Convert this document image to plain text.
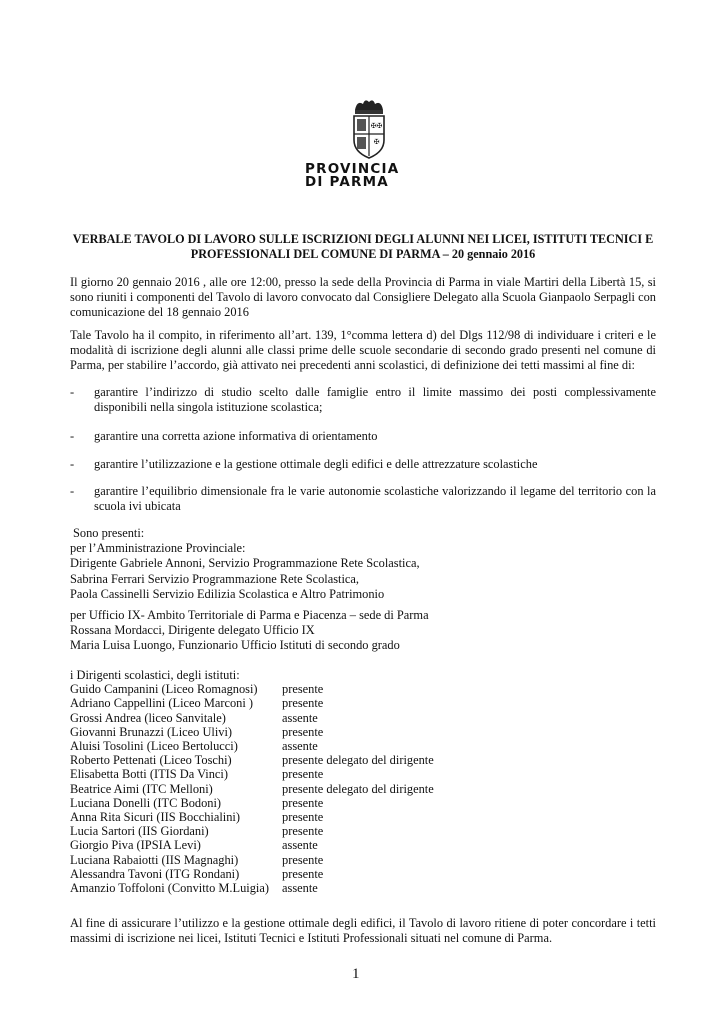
✠✠
✠
PROVINCIA
DI PARMA
VERBALE TAVOLO DI LAVORO SULLE ISCRIZIONI DEGLI ALUNNI NEI LICEI, ISTITUTI TECNICI E PROFESSIONALI DEL COMUNE DI PARMA – 20 gennaio 2016
Il giorno 20 gennaio 2016 , alle ore 12:00, presso la sede della Provincia di Parma in viale Martiri della Libertà 15, si sono riuniti i componenti del Tavolo di lavoro convocato dal Consigliere Delegato alla Scuola Gianpaolo Serpagli con comunicazione del 18 gennaio 2016
Tale Tavolo ha il compito, in riferimento all’art. 139, 1°comma lettera d) del Dlgs 112/98 di individuare i criteri e le modalità di iscrizione degli alunni alle classi prime delle scuole secondarie di secondo grado presenti nel comune di Parma, per stabilire l’accordo, già attivato nei precedenti anni scolastici, di definizione dei tetti massimi al fine di:
- garantire l’indirizzo di studio scelto dalle famiglie entro il limite massimo dei posti complessivamente disponibili nella singola istituzione scolastica;
- garantire una corretta azione informativa di orientamento
- garantire l’utilizzazione e la gestione ottimale degli edifici e delle attrezzature scolastiche
- garantire l’equilibrio dimensionale fra le varie autonomie scolastiche valorizzando il legame del territorio con la scuola ivi ubicata
Sono presenti:
per l’Amministrazione Provinciale:
Dirigente Gabriele Annoni, Servizio Programmazione Rete Scolastica,
Sabrina Ferrari Servizio Programmazione Rete Scolastica,
Paola Cassinelli Servizio Edilizia Scolastica e Altro Patrimonio
per Ufficio IX- Ambito Territoriale di Parma e Piacenza – sede di Parma
Rossana Mordacci, Dirigente delegato Ufficio IX
Maria Luisa Luongo, Funzionario Ufficio Istituti di secondo grado
i Dirigenti scolastici, degli istituti:
Guido Campanini (Liceo Romagnosi)	presente
Adriano Cappellini (Liceo Marconi )	presente
Grossi Andrea (liceo Sanvitale)	assente
Giovanni Brunazzi (Liceo Ulivi)	presente
Aluisi Tosolini (Liceo Bertolucci)	assente
Roberto Pettenati (Liceo Toschi)	presente delegato del dirigente
Elisabetta Botti (ITIS Da Vinci)	presente
Beatrice Aimi (ITC Melloni)	presente delegato del dirigente
Luciana Donelli (ITC Bodoni)	presente
Anna Rita Sicuri (IIS Bocchialini)	presente
Lucia Sartori (IIS Giordani)	presente
Giorgio Piva (IPSIA Levi)	assente
Luciana Rabaiotti (IIS Magnaghi)	presente
Alessandra Tavoni (ITG Rondani)	presente
Amanzio Toffoloni (Convitto M.Luigia)	assente
Al fine di assicurare l’utilizzo e la gestione ottimale degli edifici, il Tavolo di lavoro ritiene di poter concordare i tetti massimi di iscrizione nei licei, Istituti Tecnici e Istituti Professionali situati nel comune di Parma.
1
